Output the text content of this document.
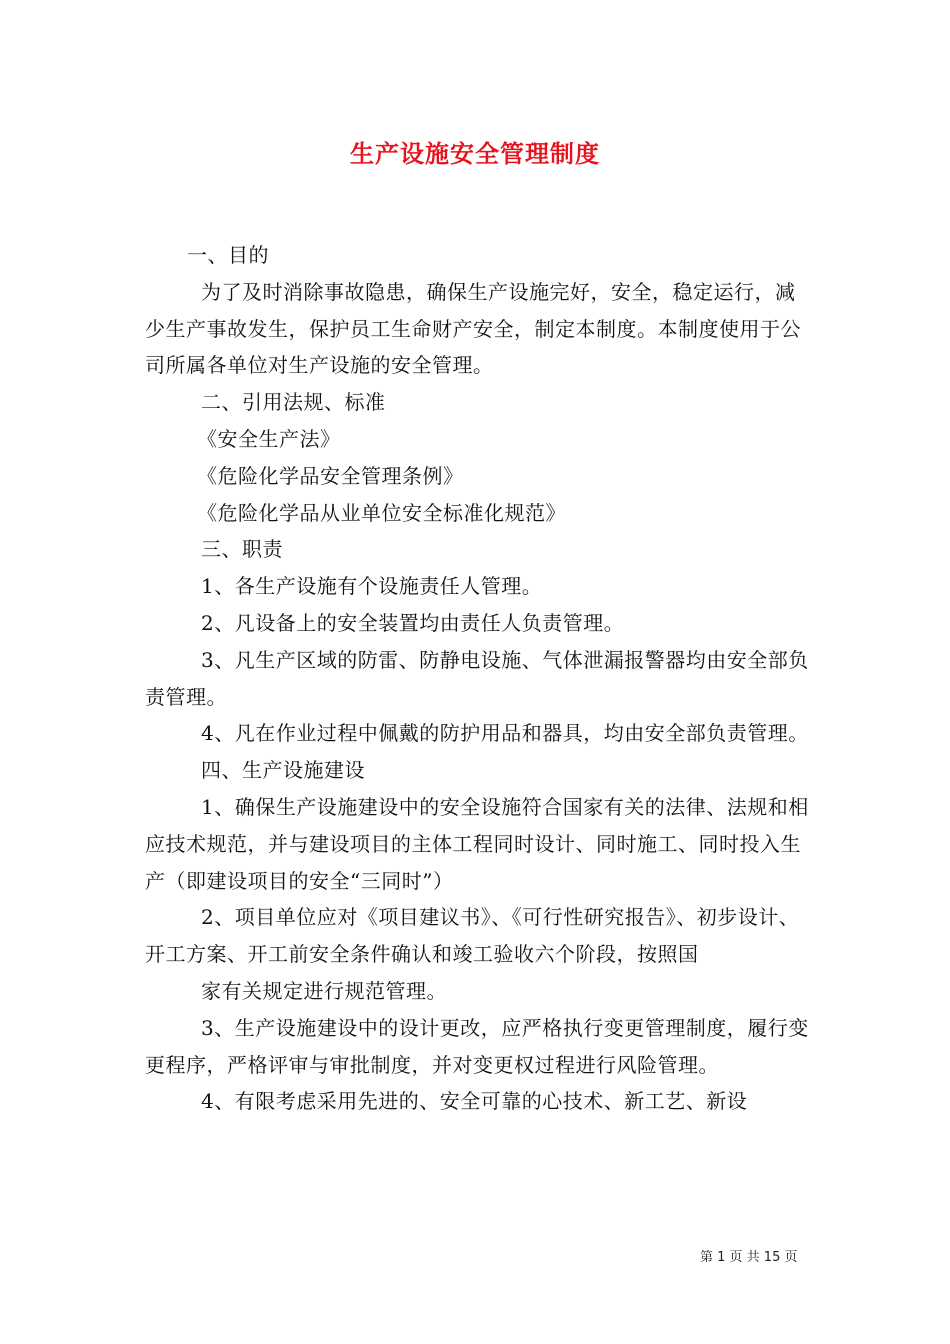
生产设施安全管理制度

一、目的

为了及时消除事故隐患，确保生产设施完好，安全，稳定运行，减少生产事故发生，保护员工生命财产安全，制定本制度。本制度使用于公司所属各单位对生产设施的安全管理。

二、引用法规、标准

《安全生产法》

《危险化学品安全管理条例》

《危险化学品从业单位安全标准化规范》

三、职责

1、各生产设施有个设施责任人管理。

2、凡设备上的安全装置均由责任人负责管理。

3、凡生产区域的防雷、防静电设施、气体泄漏报警器均由安全部负责管理。

4、凡在作业过程中佩戴的防护用品和器具，均由安全部负责管理。

四、生产设施建设

1、确保生产设施建设中的安全设施符合国家有关的法律、法规和相应技术规范，并与建设项目的主体工程同时设计、同时施工、同时投入生产（即建设项目的安全“三同时”）

2、项目单位应对《项目建议书》、《可行性研究报告》、初步设计、开工方案、开工前安全条件确认和竣工验收六个阶段，按照国

家有关规定进行规范管理。

3、生产设施建设中的设计更改，应严格执行变更管理制度，履行变更程序，严格评审与审批制度，并对变更权过程进行风险管理。

4、有限考虑采用先进的、安全可靠的心技术、新工艺、新设

第 1 页 共 15 页
